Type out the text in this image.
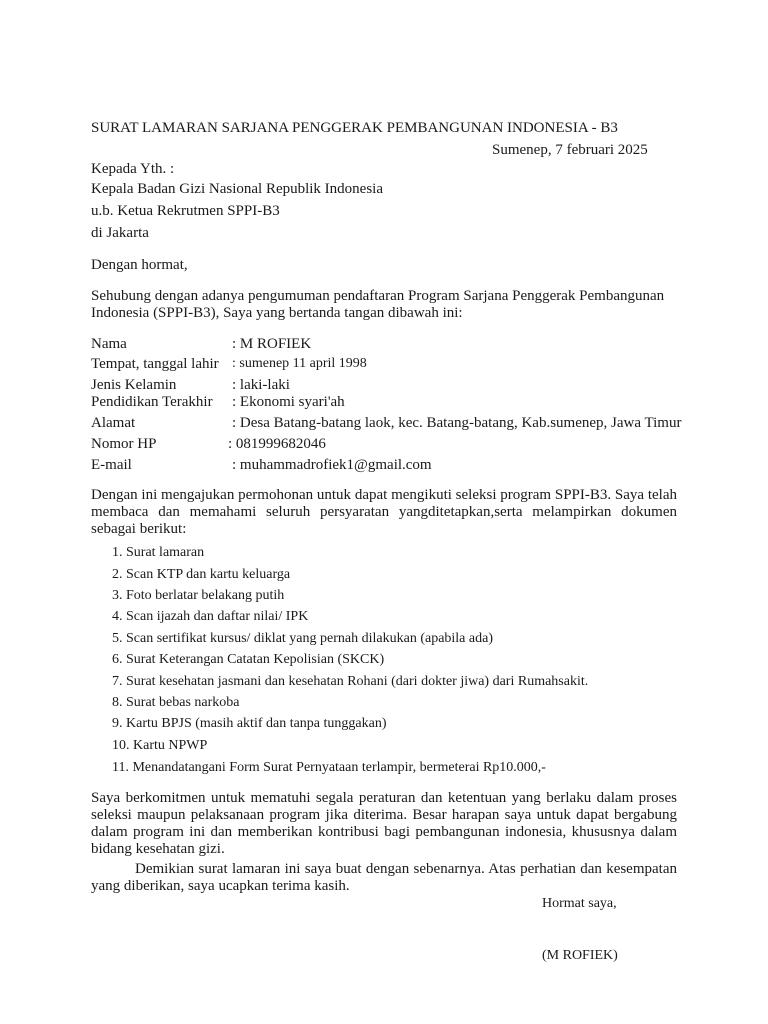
SURAT LAMARAN SARJANA PENGGERAK PEMBANGUNAN INDONESIA - B3
Sumenep, 7 februari 2025
Kepada Yth. :
Kepala Badan Gizi Nasional Republik Indonesia
u.b. Ketua Rekrutmen SPPI-B3
di Jakarta
Dengan hormat,
Sehubung dengan adanya pengumuman pendaftaran Program Sarjana Penggerak Pembangunan
Indonesia (SPPI-B3), Saya yang bertanda tangan dibawah ini:
Nama	: M ROFIEK
Tempat, tanggal lahir : sumenep 11 april 1998
Jenis Kelamin	: laki-laki
Pendidikan Terakhir : Ekonomi syari'ah
Alamat	: Desa Batang-batang laok, kec. Batang-batang, Kab.sumenep, Jawa Timur
Nomor HP	: 081999682046
E-mail	: muhammadrofiek1@gmail.com
Dengan ini mengajukan permohonan untuk dapat mengikuti seleksi program SPPI-B3. Saya telah membaca dan memahami seluruh persyaratan yangditetapkan,serta melampirkan dokumen sebagai berikut:
1. Surat lamaran
2. Scan KTP dan kartu keluarga
3. Foto berlatar belakang putih
4. Scan ijazah dan daftar nilai/ IPK
5. Scan sertifikat kursus/ diklat yang pernah dilakukan (apabila ada)
6. Surat Keterangan Catatan Kepolisian (SKCK)
7. Surat kesehatan jasmani dan kesehatan Rohani (dari dokter jiwa) dari Rumahsakit.
8. Surat bebas narkoba
9. Kartu BPJS (masih aktif dan tanpa tunggakan)
10. Kartu NPWP
11. Menandatangani Form Surat Pernyataan terlampir, bermeterai Rp10.000,-
Saya berkomitmen untuk mematuhi segala peraturan dan ketentuan yang berlaku dalam proses seleksi maupun pelaksanaan program jika diterima. Besar harapan saya untuk dapat bergabung dalam program ini dan memberikan kontribusi bagi pembangunan indonesia, khususnya dalam bidang kesehatan gizi.
Demikian surat lamaran ini saya buat dengan sebenarnya. Atas perhatian dan kesempatan yang diberikan, saya ucapkan terima kasih.
Hormat saya,
(M ROFIEK)
